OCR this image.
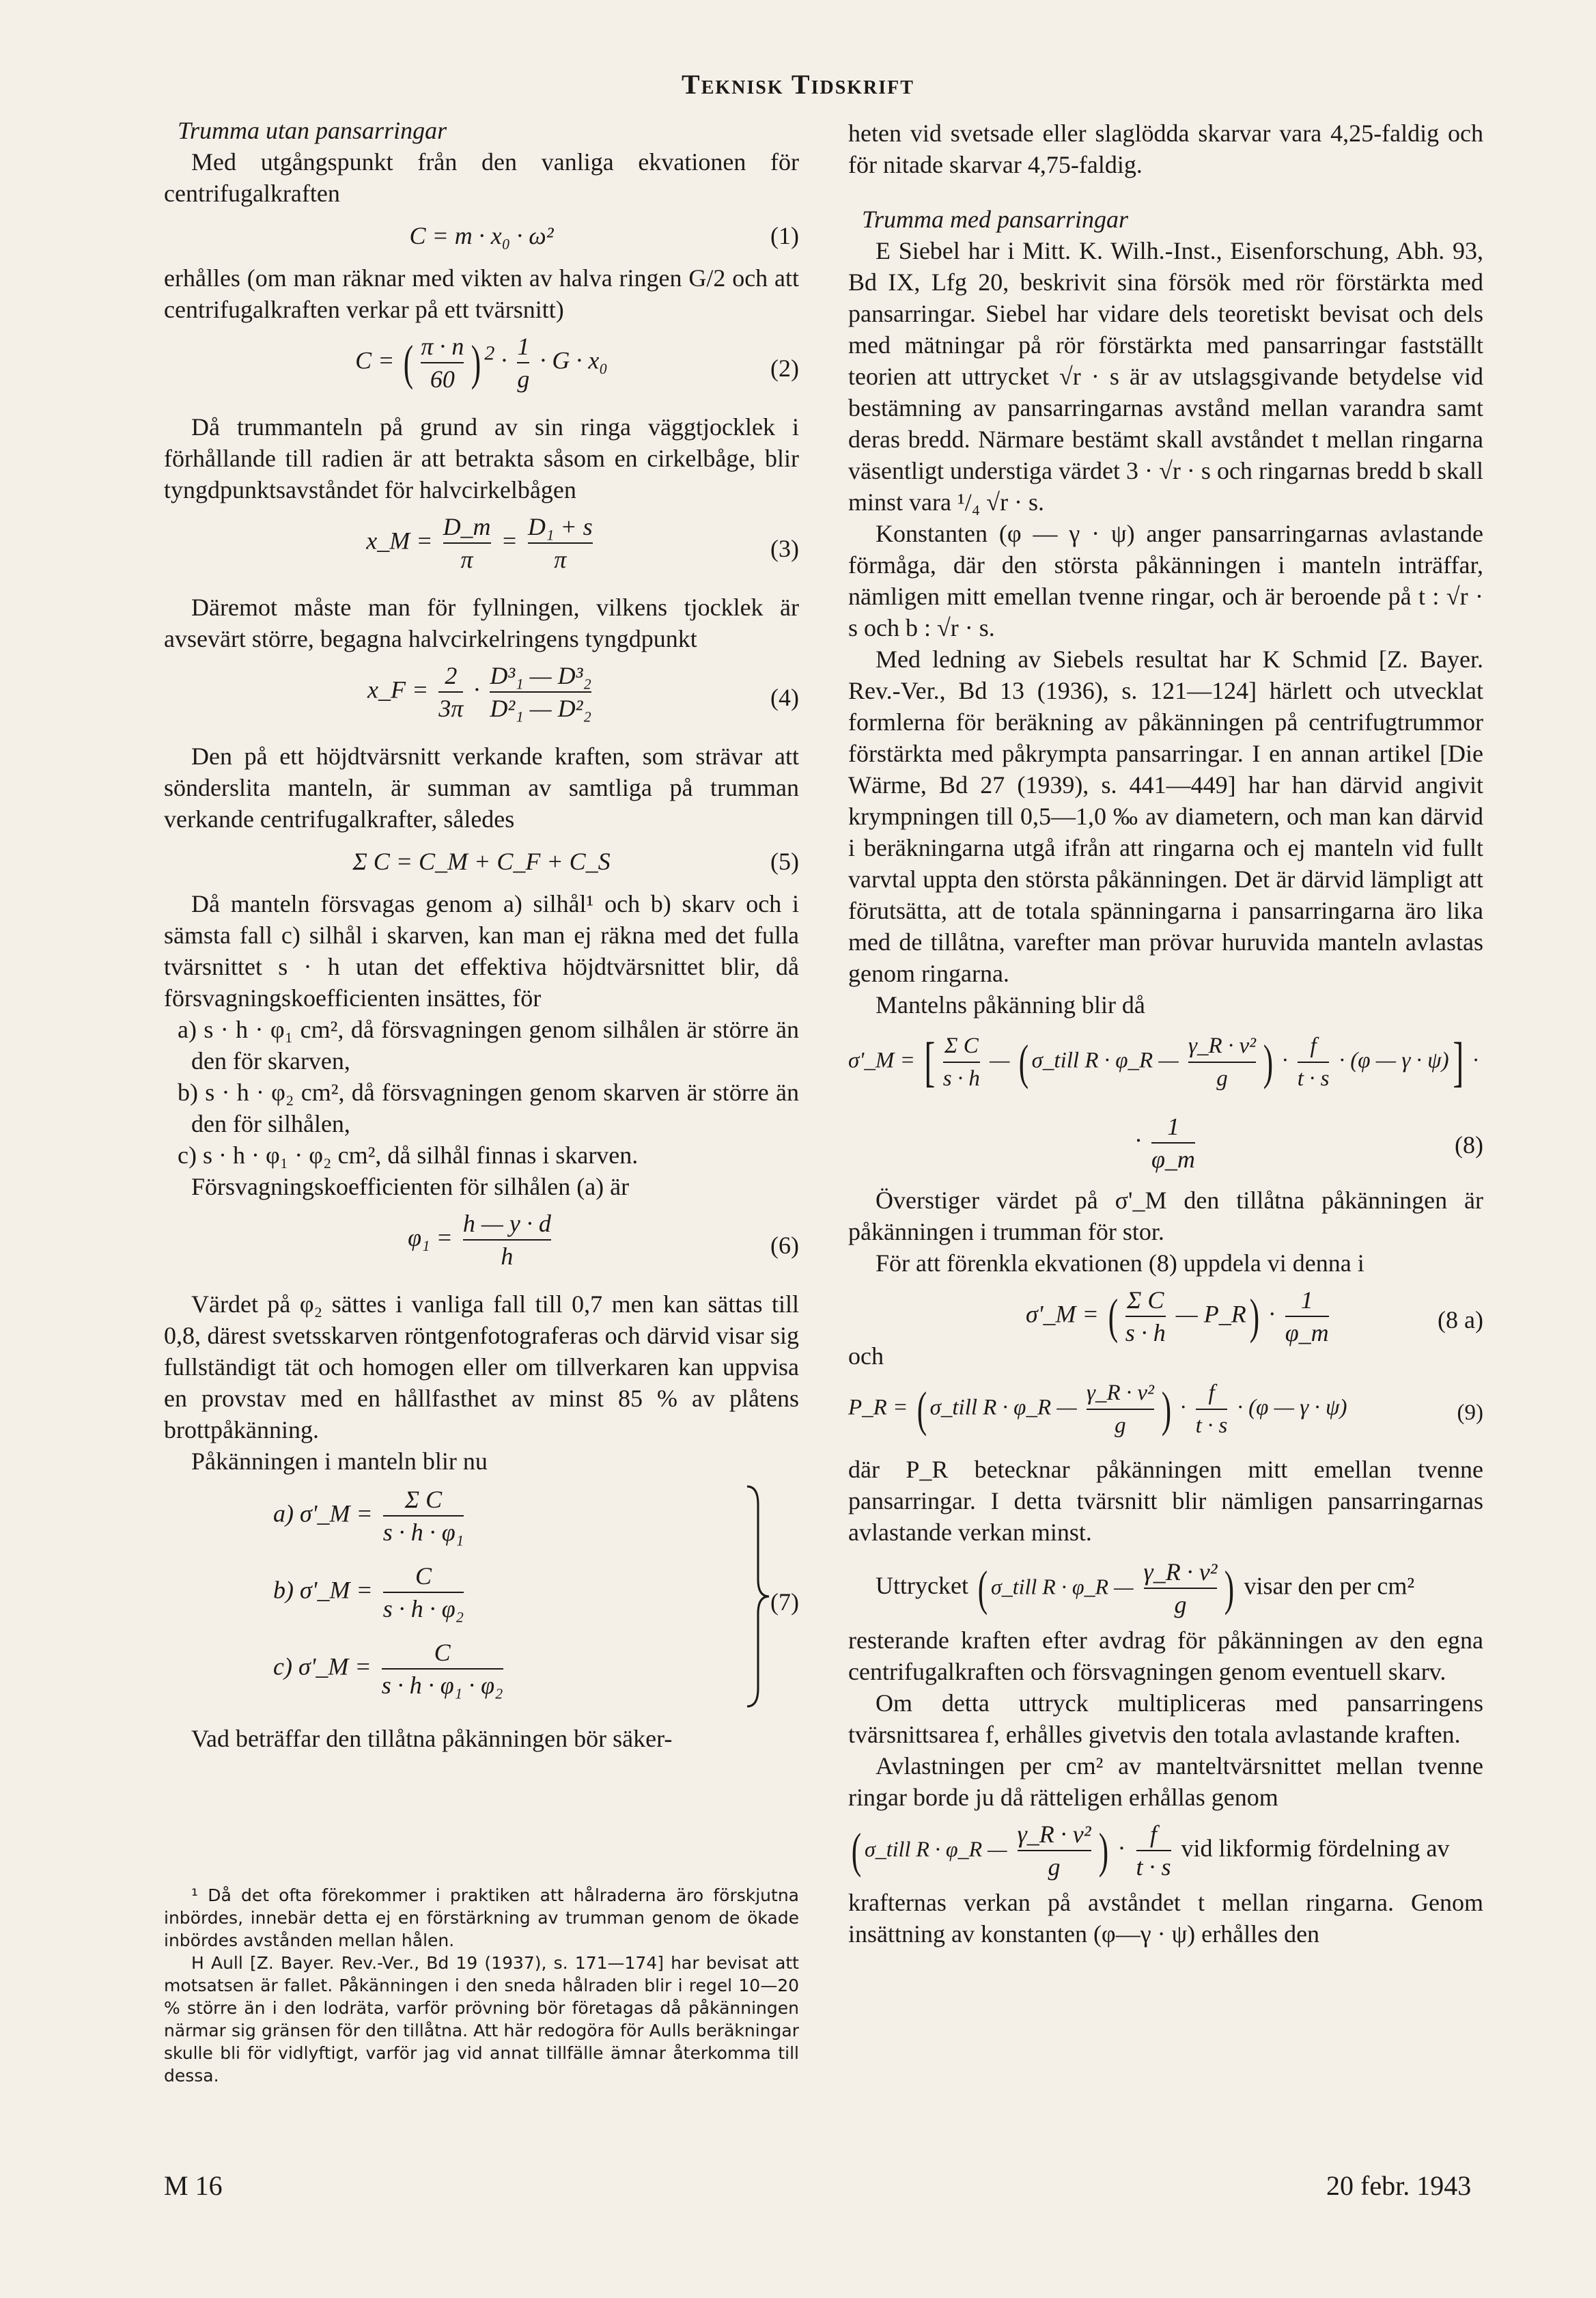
Teknisk Tidskrift

Trumma utan pansarringar

Med utgångspunkt från den vanliga ekvationen för centrifugalkraften

C = m · x₀ · ω²	(1)

erhålles (om man räknar med vikten av halva ringen G/2 och att centrifugalkraften verkar på ett tvärsnitt)

C = ( $\frac{\pi \cdot n}{60}$ ) $^2 \cdot \frac{1}{g} \cdot G \cdot x_0$	(2)

Då trummanteln på grund av sin ringa väggtjocklek i förhållande till radien är att betrakta såsom en cirkelbåge, blir tyngdpunktsavståndet för halvcirkelbågen

x_M = $\frac{D\_m}{\pi} = \frac{\text{D₁ + s}}{\pi}$	(3)

Däremot måste man för fyllningen, vilkens tjocklek är avsevärt större, begagna halvcirkelringens tyngdpunkt

x_F = $\frac{2}{3\pi} \cdot \frac{\text{D³₁ — D³₂}}{\text{D²₁ — D²₂}}$	(4)

Den på ett höjdtvärsnitt verkande kraften, som strävar att sönderslita manteln, är summan av samtliga på trumman verkande centrifugalkrafter, således

Σ C = C_M + C_F + C_S	(5)

Då manteln försvagas genom a) silhål¹ och b) skarv och i sämsta fall c) silhål i skarven, kan man ej räkna med det fulla tvärsnittet s · h utan det effektiva höjdtvärsnittet blir, då försvagningskoefficienten insättes, för

a) s · h · φ₁ cm², då försvagningen genom silhålen är större än den för skarven,

b) s · h · φ₂ cm², då försvagningen genom skarven är större än den för silhålen,

c) s · h · φ₁ · φ₂ cm², då silhål finnas i skarven.

Försvagningskoefficienten för silhålen (a) är

$\varphi_1 = \frac{h — y \cdot d}{h}$	(6)

Värdet på φ₂ sättes i vanliga fall till 0,7 men kan sättas till 0,8, därest svetsskarven röntgenfotograferas och därvid visar sig fullständigt tät och homogen eller om tillverkaren kan uppvisa en provstav med en hållfasthet av minst 85 % av plåtens brottpåkänning.

Påkänningen i manteln blir nu

a) σ'_M = $\frac{\text{Σ C}}{\text{s · h · φ₁}}$
b) σ'_M = $\frac{C}{\text{s · h · φ₂}}$
c) σ'_M = $\frac{C}{\text{s · h · φ₁ · φ₂}}$
(7)

Vad beträffar den tillåtna påkänningen bör säker-

¹ Då det ofta förekommer i praktiken att hålraderna äro förskjutna inbördes, innebär detta ej en förstärkning av trumman genom de ökade inbördes avstånden mellan hålen.

H Aull [Z. Bayer. Rev.-Ver., Bd 19 (1937), s. 171—174] har bevisat att motsatsen är fallet. Påkänningen i den sneda hålraden blir i regel 10—20 % större än i den lodräta, varför prövning bör företagas då påkänningen närmar sig gränsen för den tillåtna. Att här redogöra för Aulls beräkningar skulle bli för vidlyftigt, varför jag vid annat tillfälle ämnar återkomma till dessa.

heten vid svetsade eller slaglödda skarvar vara 4,25-faldig och för nitade skarvar 4,75-faldig.

Trumma med pansarringar

E Siebel har i Mitt. K. Wilh.-Inst., Eisenforschung, Abh. 93, Bd IX, Lfg 20, beskrivit sina försök med rör förstärkta med pansarringar. Siebel har vidare dels teoretiskt bevisat och dels med mätningar på rör förstärkta med pansarringar fastställt teorien att uttrycket √r · s är av utslagsgivande betydelse vid bestämning av pansarringarnas avstånd mellan varandra samt deras bredd. Närmare bestämt skall avståndet t mellan ringarna väsentligt understiga värdet 3 · √r · s och ringarnas bredd b skall minst vara ¹/₄ √r · s.

Konstanten (φ — γ · ψ) anger pansarringarnas avlastande förmåga, där den största påkänningen i manteln inträffar, nämligen mitt emellan tvenne ringar, och är beroende på t : √r · s och b : √r · s.

Med ledning av Siebels resultat har K Schmid [Z. Bayer. Rev.-Ver., Bd 13 (1936), s. 121—124] härlett och utvecklat formlerna för beräkning av påkänningen på centrifugtrummor förstärkta med påkrympta pansarringar. I en annan artikel [Die Wärme, Bd 27 (1939), s. 441—449] har han därvid angivit krympningen till 0,5—1,0 ‰ av diametern, och man kan därvid i beräkningarna utgå ifrån att ringarna och ej manteln vid fullt varvtal uppta den största påkänningen. Det är därvid lämpligt att förutsätta, att de totala spänningarna i pansarringarna äro lika med de tillåtna, varefter man prövar huruvida manteln avlastas genom ringarna.

Mantelns påkänning blir då

σ'_M = [ $\frac{\text{Σ C}}{s \cdot h}$ — ( σ_till R · φ_R — $\frac{\text{γ\_R · v²}}{g}$ ) · $\frac{f}{t \cdot s} \cdot (\varphi$ — γ · ψ)] ·
· $\frac{1}{\varphi\_m}$	(8)

Överstiger värdet på σ'_M den tillåtna påkänningen är påkänningen i trumman för stor.

För att förenkla ekvationen (8) uppdela vi denna i

σ'_M = ( $\frac{\text{Σ C}}{s \cdot h}$ — P_R) · $\frac{1}{\varphi\_m}$	(8 a)

och

P_R = ( σ_till R · φ_R — $\frac{\text{γ\_R · v²}}{g}$ ) · $\frac{f}{t \cdot s} \cdot (\varphi$ — γ · ψ)	(9)

där P_R betecknar påkänningen mitt emellan tvenne pansarringar. I detta tvärsnitt blir nämligen pansarringarnas avlastande verkan minst.

Uttrycket ( σ_till R · φ_R — $\frac{\text{γ\_R · v²}}{g}$ ) visar den per cm²

resterande kraften efter avdrag för påkänningen av den egna centrifugalkraften och försvagningen genom eventuell skarv.

Om detta uttryck multipliceras med pansarringens tvärsnittsarea f, erhålles givetvis den totala avlastande kraften.

Avlastningen per cm² av manteltvärsnittet mellan tvenne ringar borde ju då rätteligen erhållas genom

( σ_till R · φ_R — $\frac{\text{γ\_R · v²}}{g}$ ) · $\frac{f}{t \cdot s}$ vid likformig fördelning av

krafternas verkan på avståndet t mellan ringarna. Genom insättning av konstanten (φ—γ · ψ) erhålles den

M 16	20 febr. 1943
